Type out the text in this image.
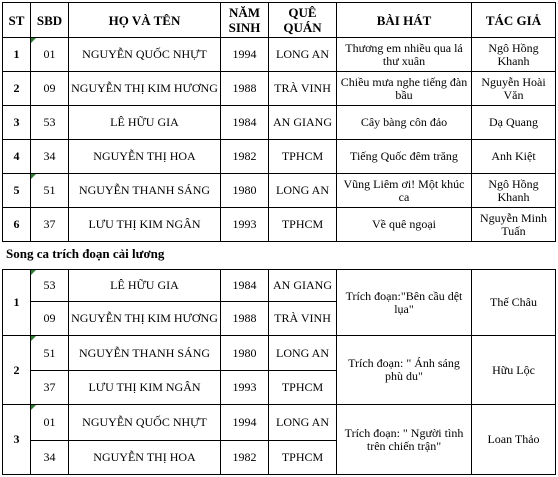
ST	SBD	HỌ VÀ TÊN	NĂM SINH	QUÊ QUÁN	BÀI HÁT	TÁC GIẢ
1	01	NGUYỄN QUỐC NHỰT	1994	LONG AN	Thương em nhiều qua lá thư xuân	Ngô Hồng Khanh
2	09	NGUYỄN THỊ KIM HƯƠNG	1988	TRÀ VINH	Chiều mưa nghe tiếng đàn bầu	Nguyễn Hoài Văn
3	53	LÊ HỮU GIA	1984	AN GIANG	Cây bàng côn đảo	Dạ Quang
4	34	NGUYỄN THỊ HOA	1982	TPHCM	Tiếng Quốc đêm trăng	Anh Kiệt
5	51	NGUYỄN THANH SÁNG	1980	LONG AN	Vũng Liêm ơi! Một khúc ca	Ngô Hồng Khanh
6	37	LƯU THỊ KIM NGÂN	1993	TPHCM	Về quê ngoại	Nguyễn Minh Tuấn
Song ca trích đoạn cải lương
1	53	LÊ HỮU GIA	1984	AN GIANG	Trích đoạn:"Bên cầu dệt lụa"	Thế Châu
	09	NGUYỄN THỊ KIM HƯƠNG	1988	TRÀ VINH		
2	51	NGUYỄN THANH SÁNG	1980	LONG AN	Trích đoạn: " Ánh sáng phù du"	Hữu Lộc
	37	LƯU THỊ KIM NGÂN	1993	TPHCM		
3	01	NGUYỄN QUỐC NHỰT	1994	LONG AN	Trích đoạn: " Người tình trên chiến trận"	Loan Thảo
	34	NGUYỄN THỊ HOA	1982	TPHCM		
